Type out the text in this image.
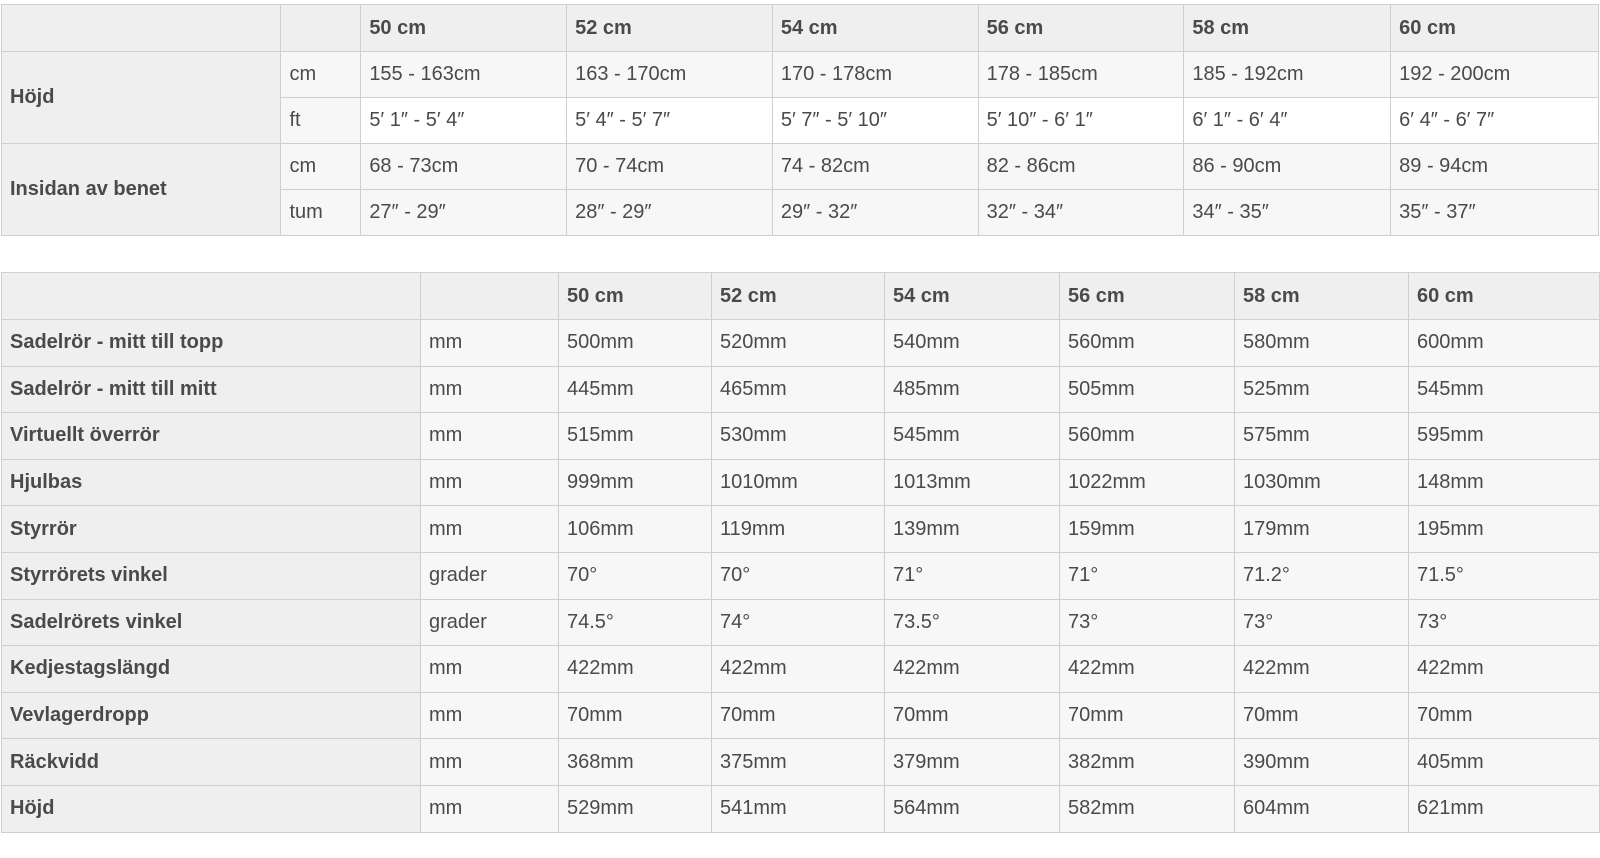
		50 cm	52 cm	54 cm	56 cm	58 cm	60 cm
Höjd	cm	155 - 163cm	163 - 170cm	170 - 178cm	178 - 185cm	185 - 192cm	192 - 200cm
	ft	5′ 1″ - 5′ 4″	5′ 4″ - 5′ 7″	5′ 7″ - 5′ 10″	5′ 10″ - 6′ 1″	6′ 1″ - 6′ 4″	6′ 4″ - 6′ 7″
Insidan av benet	cm	68 - 73cm	70 - 74cm	74 - 82cm	82 - 86cm	86 - 90cm	89 - 94cm
	tum	27″ - 29″	28″ - 29″	29″ - 32″	32″ - 34″	34″ - 35″	35″ - 37″
		50 cm	52 cm	54 cm	56 cm	58 cm	60 cm
Sadelrör - mitt till topp	mm	500mm	520mm	540mm	560mm	580mm	600mm
Sadelrör - mitt till mitt	mm	445mm	465mm	485mm	505mm	525mm	545mm
Virtuellt överrör	mm	515mm	530mm	545mm	560mm	575mm	595mm
Hjulbas	mm	999mm	1010mm	1013mm	1022mm	1030mm	148mm
Styrrör	mm	106mm	119mm	139mm	159mm	179mm	195mm
Styrrörets vinkel	grader	70°	70°	71°	71°	71.2°	71.5°
Sadelrörets vinkel	grader	74.5°	74°	73.5°	73°	73°	73°
Kedjestagslängd	mm	422mm	422mm	422mm	422mm	422mm	422mm
Vevlagerdropp	mm	70mm	70mm	70mm	70mm	70mm	70mm
Räckvidd	mm	368mm	375mm	379mm	382mm	390mm	405mm
Höjd	mm	529mm	541mm	564mm	582mm	604mm	621mm
